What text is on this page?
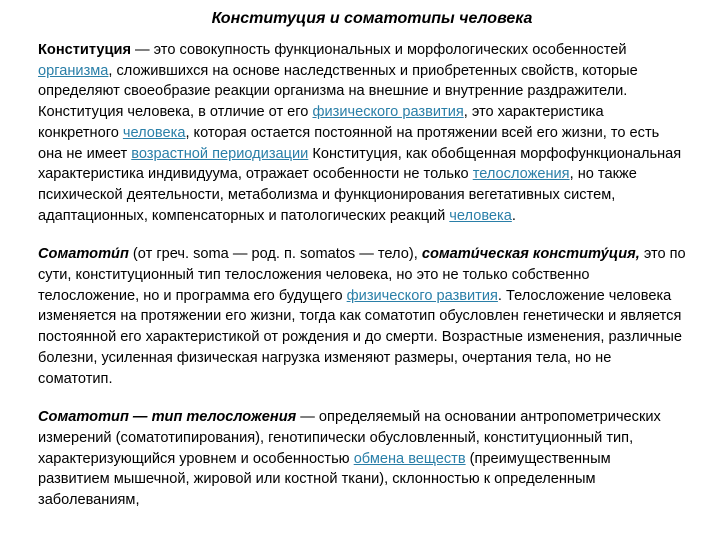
Конституция и соматотипы человека

Конституция — это совокупность функциональных и морфологических особенностей организма, сложившихся на основе наследственных и приобретенных свойств, которые определяют своеобразие реакции организма на внешние и внутренние раздражители. Конституция человека, в отличие от его физического развития, это характеристика конкретного человека, которая остается постоянной на протяжении всей его жизни, то есть она не имеет возрастной периодизации Конституция, как обобщенная морфофункциональная характеристика индивидуума, отражает особенности не только телосложения, но также психической деятельности, метаболизма и функционирования вегетативных систем, адаптационных, компенсаторных и патологических реакций человека.

Соматоти́п (от греч. soma — род. п. somatos — тело), сомати́ческая конститу́ция, это по сути, конституционный тип телосложения человека, но это не только собственно телосложение, но и программа его будущего физического развития. Телосложение человека изменяется на протяжении его жизни, тогда как соматотип обусловлен генетически и является постоянной его характеристикой от рождения и до смерти. Возрастные изменения, различные болезни, усиленная физическая нагрузка изменяют размеры, очертания тела, но не соматотип.

Соматотип — тип телосложения — определяемый на основании антропометрических измерений (соматотипирования), генотипически обусловленный, конституционный тип, характеризующийся уровнем и особенностью обмена веществ (преимущественным развитием мышечной, жировой или костной ткани), склонностью к определенным заболеваниям,
